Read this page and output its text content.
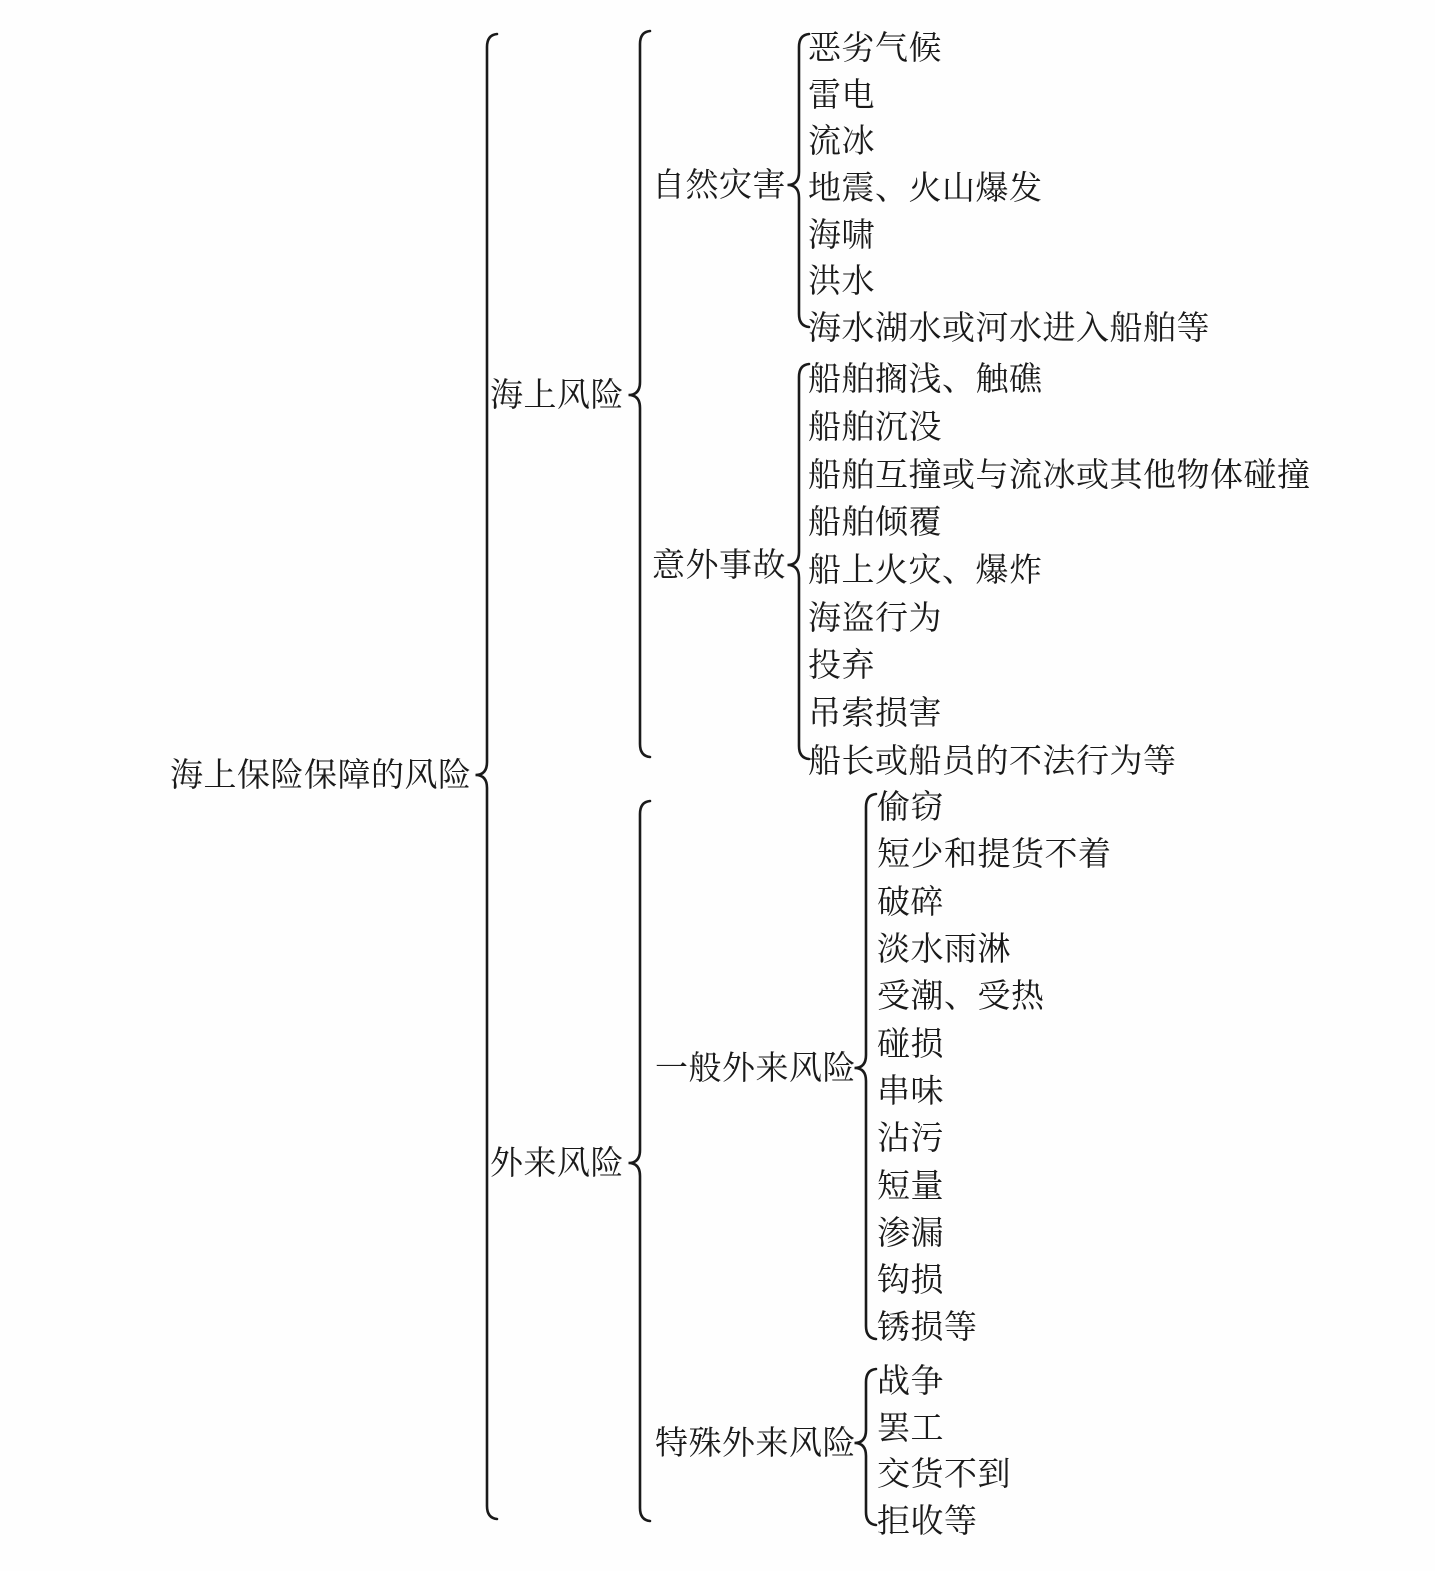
海上保险保障的风险
海上风险
外来风险
自然灾害
意外事故
一般外来风险
特殊外来风险
恶劣气候
雷电
流冰
地震、火山爆发
海啸
洪水
海水湖水或河水进入船舶等
船舶搁浅、触礁
船舶沉没
船舶互撞或与流冰或其他物体碰撞
船舶倾覆
船上火灾、爆炸
海盗行为
投弃
吊索损害
船长或船员的不法行为等
偷窃
短少和提货不着
破碎
淡水雨淋
受潮、受热
碰损
串味
沾污
短量
渗漏
钩损
锈损等
战争
罢工
交货不到
拒收等
